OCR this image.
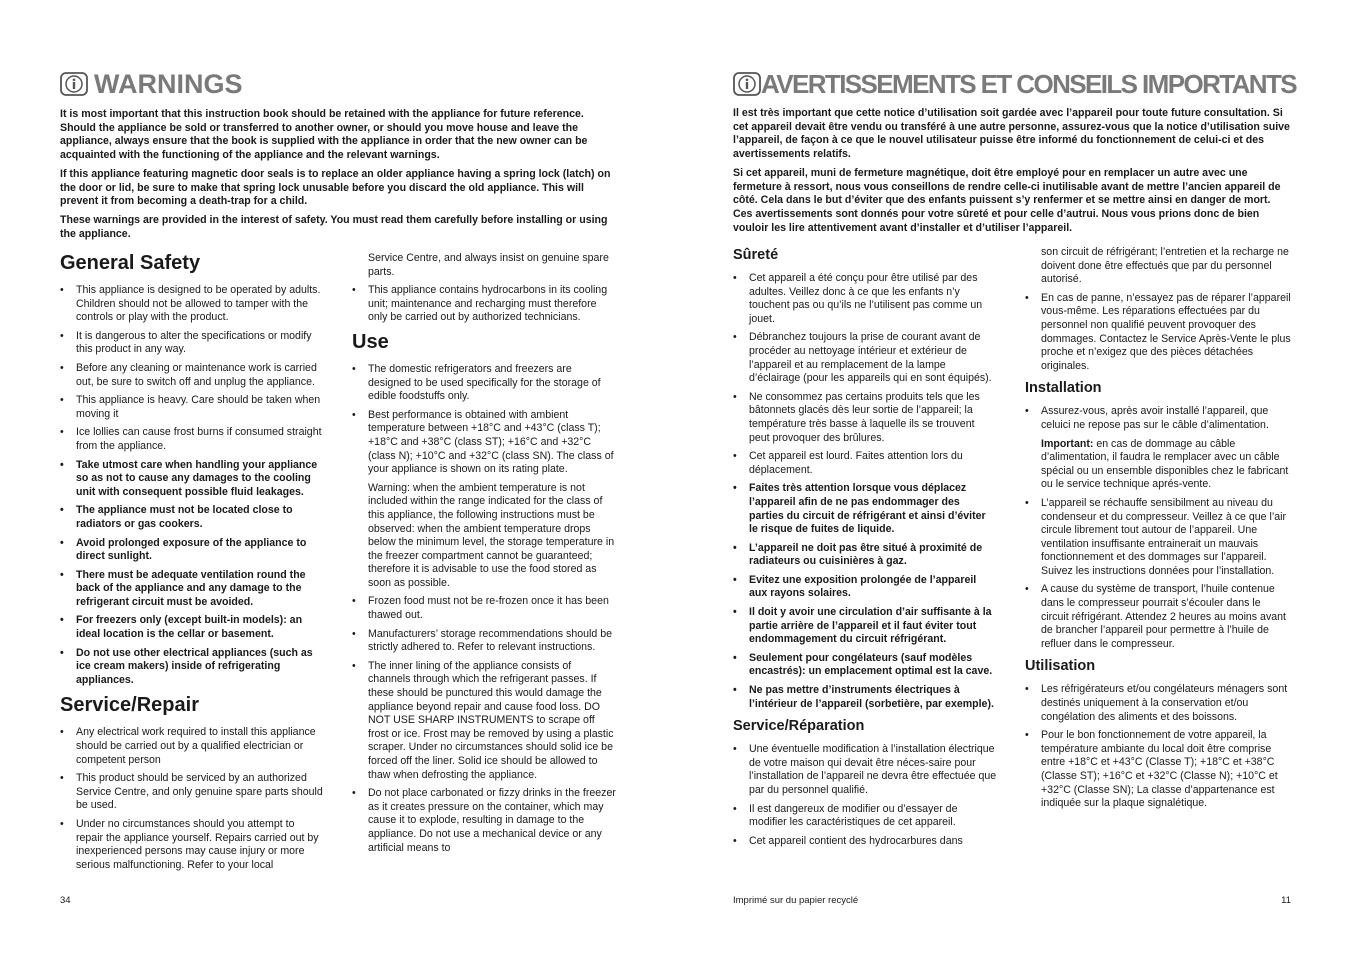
WARNINGS

It is most important that this instruction book should be retained with the appliance for future reference. Should the appliance be sold or transferred to another owner, or should you move house and leave the appliance, always ensure that the book is supplied with the appliance in order that the new owner can be acquainted with the functioning of the appliance and the relevant warnings.

If this appliance featuring magnetic door seals is to replace an older appliance having a spring lock (latch) on the door or lid, be sure to make that spring lock unusable before you discard the old appliance. This will prevent it from becoming a death-trap for a child.

These warnings are provided in the interest of safety. You must read them carefully before installing or using the appliance.

General Safety
• This appliance is designed to be operated by adults. Children should not be allowed to tamper with the controls or play with the product.
• It is dangerous to alter the specifications or modify this product in any way.
• Before any cleaning or maintenance work is carried out, be sure to switch off and unplug the appliance.
• This appliance is heavy. Care should be taken when moving it
• Ice lollies can cause frost burns if consumed straight from the appliance.
• Take utmost care when handling your appliance so as not to cause any damages to the cooling unit with consequent possible fluid leakages.
• The appliance must not be located close to radiators or gas cookers.
• Avoid prolonged exposure of the appliance to direct sunlight.
• There must be adequate ventilation round the back of the appliance and any damage to the refrigerant circuit must be avoided.
• For freezers only (except built-in models): an ideal location is the cellar or basement.
• Do not use other electrical appliances (such as ice cream makers) inside of refrigerating appliances.
Service/Repair
• Any electrical work required to install this appliance should be carried out by a qualified electrician or competent person
• This product should be serviced by an authorized Service Centre, and only genuine spare parts should be used.
• Under no circumstances should you attempt to repair the appliance yourself. Repairs carried out by inexperienced persons may cause injury or more serious malfunctioning. Refer to your local
Service Centre, and always insist on genuine spare parts.
• This appliance contains hydrocarbons in its cooling unit; maintenance and recharging must therefore only be carried out by authorized technicians.
Use
• The domestic refrigerators and freezers are designed to be used specifically for the storage of edible foodstuffs only.
• Best performance is obtained with ambient temperature between +18°C and +43°C (class T); +18°C and +38°C (class ST); +16°C and +32°C (class N); +10°C and +32°C (class SN). The class of your appliance is shown on its rating plate.
Warning: when the ambient temperature is not included within the range indicated for the class of this appliance, the following instructions must be observed: when the ambient temperature drops below the minimum level, the storage temperature in the freezer compartment cannot be guaranteed; therefore it is advisable to use the food stored as soon as possible.
• Frozen food must not be re-frozen once it has been thawed out.
• Manufacturers’ storage recommendations should be strictly adhered to. Refer to relevant instructions.
• The inner lining of the appliance consists of channels through which the refrigerant passes. If these should be punctured this would damage the appliance beyond repair and cause food loss. DO NOT USE SHARP INSTRUMENTS to scrape off frost or ice. Frost may be removed by using a plastic scraper. Under no circumstances should solid ice be forced off the liner. Solid ice should be allowed to thaw when defrosting the appliance.
• Do not place carbonated or fizzy drinks in the freezer as it creates pressure on the container, which may cause it to explode, resulting in damage to the appliance. Do not use a mechanical device or any artificial means to
34
AVERTISSEMENTS ET CONSEILS IMPORTANTS

Il est très important que cette notice d’utilisation soit gardée avec l’appareil pour toute future consultation. Si cet appareil devait être vendu ou transféré à une autre personne, assurez-vous que la notice d’utilisation suive l’appareil, de façon à ce que le nouvel utilisateur puisse être informé du fonctionnement de celui-ci et des avertissements relatifs.

Si cet appareil, muni de fermeture magnétique, doit être employé pour en remplacer un autre avec une fermeture à ressort, nous vous conseillons de rendre celle-ci inutilisable avant de mettre l’ancien appareil de côté. Cela dans le but d’éviter que des enfants puissent s’y renfermer et se mettre ainsi en danger de mort. Ces avertissements sont donnés pour votre sûreté et pour celle d’autrui. Nous vous prions donc de bien vouloir les lire attentivement avant d’installer et d’utiliser l’appareil.

Sûreté
• Cet appareil a été conçu pour être utilisé par des adultes. Veillez donc à ce que les enfants n’y touchent pas ou qu’ils ne l’utilisent pas comme un jouet.
• Débranchez toujours la prise de courant avant de procéder au nettoyage intérieur et extérieur de l’appareil et au remplacement de la lampe d’éclairage (pour les appareils qui en sont équipés).
• Ne consommez pas certains produits tels que les bâtonnets glacés dès leur sortie de l’appareil; la température très basse à laquelle ils se trouvent peut provoquer des brûlures.
• Cet appareil est lourd. Faites attention lors du déplacement.
• Faites très attention lorsque vous déplacez l’appareil afin de ne pas endommager des parties du circuit de réfrigérant et ainsi d’éviter le risque de fuites de liquide.
• L’appareil ne doit pas être situé à proximité de radiateurs ou cuisinières à gaz.
• Evitez une exposition prolongée de l’appareil aux rayons solaires.
• Il doit y avoir une circulation d’air suffisante à la partie arrière de l’appareil et il faut éviter tout endommagement du circuit réfrigérant.
• Seulement pour congélateurs (sauf modèles encastrés): un emplacement optimal est la cave.
• Ne pas mettre d’instruments électriques à l’intérieur de l’appareil (sorbetière, par exemple).
Service/Réparation
• Une éventuelle modification à l’installation électrique de votre maison qui devait être néces-saire pour l’installation de l’appareil ne devra être effectuée que par du personnel qualifié.
• Il est dangereux de modifier ou d’essayer de modifier les caractéristiques de cet appareil.
• Cet appareil contient des hydrocarbures dans
son circuit de réfrigérant; l’entretien et la recharge ne doivent done être effectués que par du personnel autorisé.
• En cas de panne, n’essayez pas de réparer l’appareil vous-même. Les réparations effectuées par du personnel non qualifié peuvent provoquer des dommages. Contactez le Service Après-Vente le plus proche et n’exigez que des pièces détachées originales.
Installation
• Assurez-vous, après avoir installé l’appareil, que celuici ne repose pas sur le câble d’alimentation.
Important: en cas de dommage au câble d’alimentation, il faudra le remplacer avec un câble spécial ou un ensemble disponibles chez le fabricant ou le service technique aprés-vente.
• L’appareil se réchauffe sensibilment au niveau du condenseur et du compresseur. Veillez à ce que l’air circule librement tout autour de l’appareil. Une ventilation insuffisante entrainerait un mauvais fonctionnement et des dommages sur l’appareil. Suivez les instructions données pour l’installation.
• A cause du système de transport, l’huile contenue dans le compresseur pourrait s’écouler dans le circuit réfrigérant. Attendez 2 heures au moins avant de brancher l’appareil pour permettre à l’huile de refluer dans le compresseur.
Utilisation
• Les réfrigérateurs et/ou congélateurs ménagers sont destinés uniquement à la conservation et/ou congélation des aliments et des boissons.
• Pour le bon fonctionnement de votre appareil, la température ambiante du local doit être comprise entre +18°C et +43°C (Classe T); +18°C et +38°C (Classe ST); +16°C et +32°C (Classe N); +10°C et +32°C (Classe SN); La classe d’appartenance est indiquée sur la plaque signalétique.
Imprimé sur du papier recyclé	11
